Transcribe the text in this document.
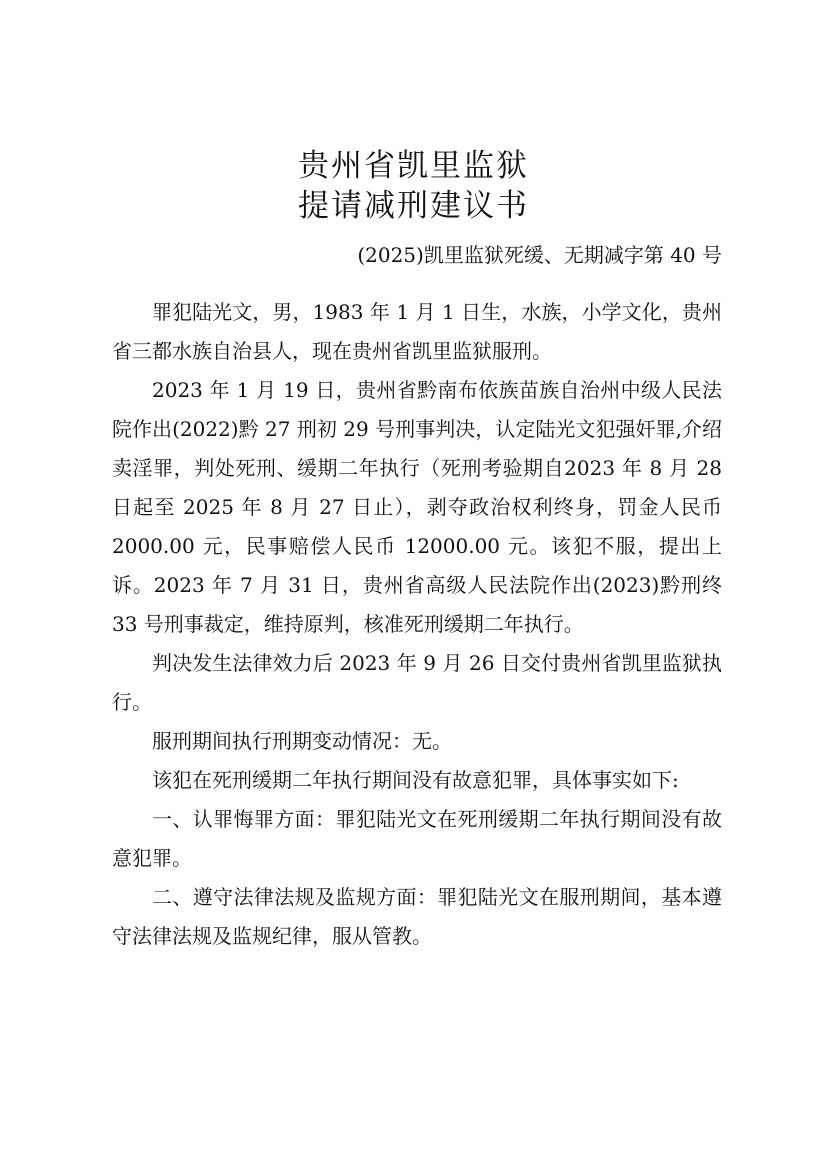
贵州省凯里监狱
提请减刑建议书
(2025)凯里监狱死缓、无期减字第 40 号

罪犯陆光文，男，1983 年 1 月 1 日生，水族，小学文化，贵州省三都水族自治县人，现在贵州省凯里监狱服刑。

2023 年 1 月 19 日，贵州省黔南布依族苗族自治州中级人民法院作出(2022)黔 27 刑初 29 号刑事判决，认定陆光文犯强奸罪,介绍卖淫罪，判处死刑、缓期二年执行（死刑考验期自2023 年 8 月 28 日起至 2025 年 8 月 27 日止），剥夺政治权利终身，罚金人民币 2000.00 元，民事赔偿人民币 12000.00 元。该犯不服，提出上诉。2023 年 7 月 31 日，贵州省高级人民法院作出(2023)黔刑终 33 号刑事裁定，维持原判，核准死刑缓期二年执行。

判决发生法律效力后 2023 年 9 月 26 日交付贵州省凯里监狱执行。

服刑期间执行刑期变动情况：无。

该犯在死刑缓期二年执行期间没有故意犯罪，具体事实如下:

一、认罪悔罪方面：罪犯陆光文在死刑缓期二年执行期间没有故意犯罪。

二、遵守法律法规及监规方面：罪犯陆光文在服刑期间，基本遵守法律法规及监规纪律，服从管教。
